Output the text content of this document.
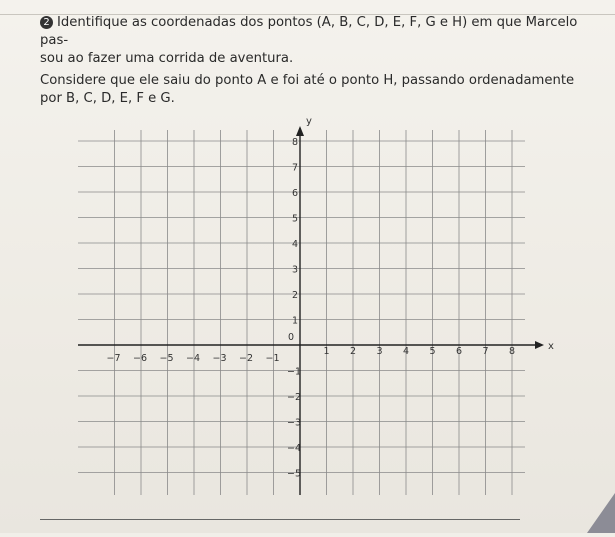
2 Identifique as coordenadas dos pontos (A, B, C, D, E, F, G e H) em que Marcelo pas-
sou ao fazer uma corrida de aventura.
Considere que ele saiu do ponto A e foi até o ponto H, passando ordenadamente
por B, C, D, E, F e G.
y
x
0
−7 −6 −5 −4 −3 −2 −1
1 2 3 4 5 6 7 8
8
7
6
5
4
3
2
1
−1
−2
−3
−4
−5
